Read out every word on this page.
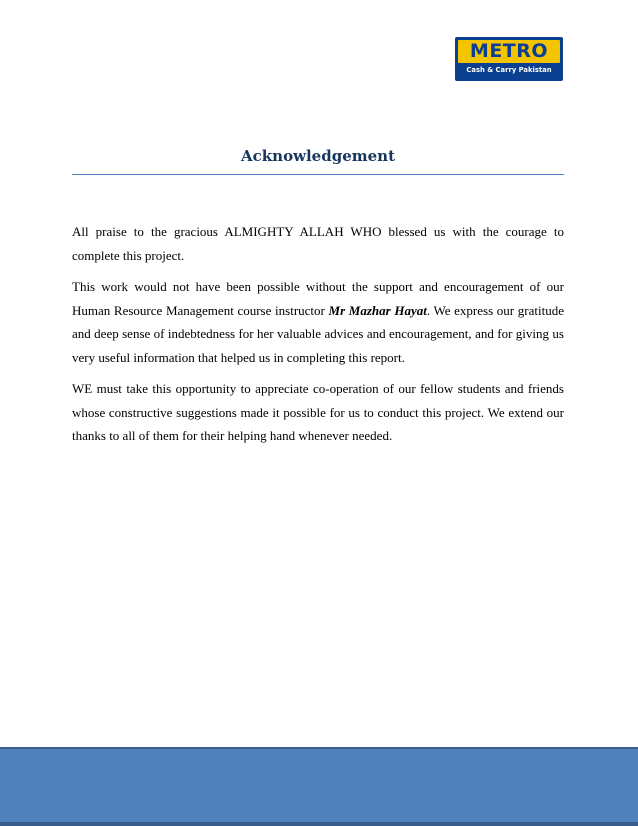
METRO
Cash & Carry Pakistan
Acknowledgement

All praise to the gracious ALMIGHTY ALLAH WHO blessed us with the courage to complete this project.

This work would not have been possible without the support and encouragement of our Human Resource Management course instructor Mr Mazhar Hayat. We express our gratitude and deep sense of indebtedness for her valuable advices and encouragement, and for giving us very useful information that helped us in completing this report.

WE must take this opportunity to appreciate co-operation of our fellow students and friends whose constructive suggestions made it possible for us to conduct this project. We extend our thanks to all of them for their helping hand whenever needed.
